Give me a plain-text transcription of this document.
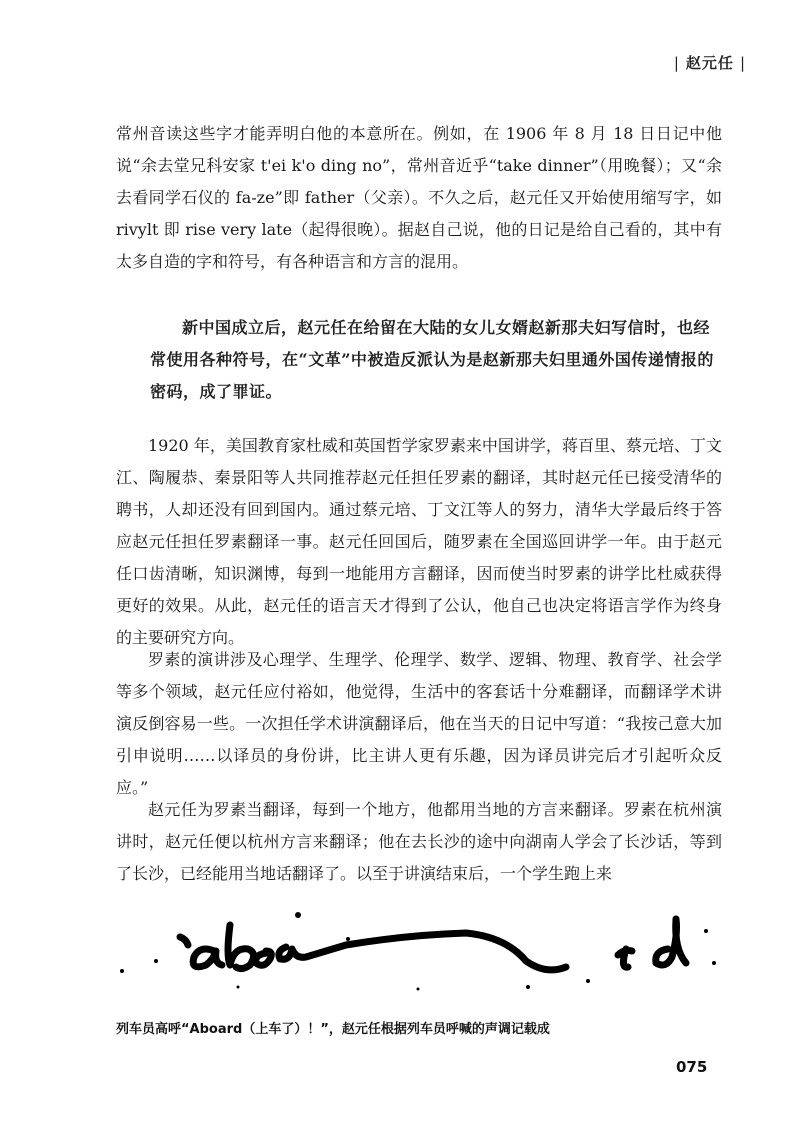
| 赵元任 |

常州音读这些字才能弄明白他的本意所在。例如，在 1906 年 8 月 18 日日记中他说“余去堂兄科安家 t'ei k'o ding no”，常州音近乎“take dinner”（用晚餐）；又“余去看同学石仪的 fa-ze”即 father（父亲）。不久之后，赵元任又开始使用缩写字，如 rivylt 即 rise very late（起得很晚）。据赵自己说，他的日记是给自己看的，其中有太多自造的字和符号，有各种语言和方言的混用。

新中国成立后，赵元任在给留在大陆的女儿女婿赵新那夫妇写信时，也经常使用各种符号，在“文革”中被造反派认为是赵新那夫妇里通外国传递情报的密码，成了罪证。

1920 年，美国教育家杜威和英国哲学家罗素来中国讲学，蒋百里、蔡元培、丁文江、陶履恭、秦景阳等人共同推荐赵元任担任罗素的翻译，其时赵元任已接受清华的聘书，人却还没有回到国内。通过蔡元培、丁文江等人的努力，清华大学最后终于答应赵元任担任罗素翻译一事。赵元任回国后，随罗素在全国巡回讲学一年。由于赵元任口齿清晰，知识渊博，每到一地能用方言翻译，因而使当时罗素的讲学比杜威获得更好的效果。从此，赵元任的语言天才得到了公认，他自己也决定将语言学作为终身的主要研究方向。

罗素的演讲涉及心理学、生理学、伦理学、数学、逻辑、物理、教育学、社会学等多个领域，赵元任应付裕如，他觉得，生活中的客套话十分难翻译，而翻译学术讲演反倒容易一些。一次担任学术讲演翻译后，他在当天的日记中写道：“我按己意大加引申说明……以译员的身份讲，比主讲人更有乐趣，因为译员讲完后才引起听众反应。”

赵元任为罗素当翻译，每到一个地方，他都用当地的方言来翻译。罗素在杭州演讲时，赵元任便以杭州方言来翻译；他在去长沙的途中向湖南人学会了长沙话，等到了长沙，已经能用当地话翻译了。以至于讲演结束后，一个学生跑上来

列车员高呼“Aboard（上车了）！”，赵元任根据列车员呼喊的声调记载成
075
